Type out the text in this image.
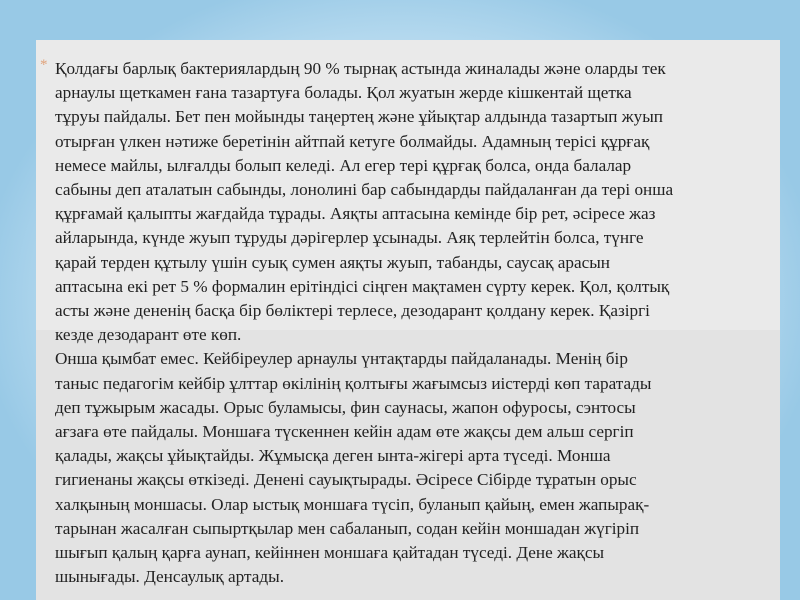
* Қолдағы барлық бактериялардың 90 % тырнақ астында жиналады және оларды тек
арнаулы щеткамен ғана тазартуға болады. Қол жуатын жерде кішкентай щетка
тұруы пайдалы. Бет пен мойынды таңертең және ұйықтар алдында тазартып жуып
отырған үлкен нәтиже беретінін айтпай кетуге болмайды. Адамның терісі құрғақ
немесе майлы, ылғалды болып келеді. Ал егер тері құрғақ болса, онда балалар
сабыны деп аталатын сабынды, лонолині бар сабындарды пайдаланған да тері онша
құрғамай қалыпты жағдайда тұрады. Аяқты аптасына кемінде бір рет, әсіресе жаз
айларында, күнде жуып тұруды дәрігерлер ұсынады. Аяқ терлейтін болса, түнге
қарай терден құтылу үшін суық сумен аяқты жуып, табанды, саусақ арасын
аптасына екі рет 5 % формалин ерітіндісі сіңген мақтамен сүрту керек. Қол, қолтық
асты және дененің басқа бір бөліктері терлесе, дезодарант қолдану керек. Қазіргі
кезде дезодарант өте көп.
Онша қымбат емес. Кейбіреулер арнаулы үнтақтарды пайдаланады. Менің бір
таныс педагогім кейбір ұлттар өкілінің қолтығы жағымсыз иістерді көп таратады
деп тұжырым жасады. Орыс буламысы, фин саунасы, жапон офуросы, сэнтосы
ағзаға өте пайдалы. Моншаға түскеннен кейін адам өте жақсы дем альш сергіп
қалады, жақсы ұйықтайды. Жұмысқа деген ынта-жігері арта түседі. Монша
гигиенаны жақсы өткізеді. Денені сауықтырады. Әсіресе Сібірде тұратын орыс
халқының моншасы. Олар ыстық моншаға түсіп, буланып қайың, емен жапырақ-
тарынан жасалған сыпыртқылар мен сабаланып, содан кейін моншадан жүгіріп
шығып қалың қарға аунап, кейіннен моншаға қайтадан түседі. Дене жақсы
шынығады. Денсаулық артады.
